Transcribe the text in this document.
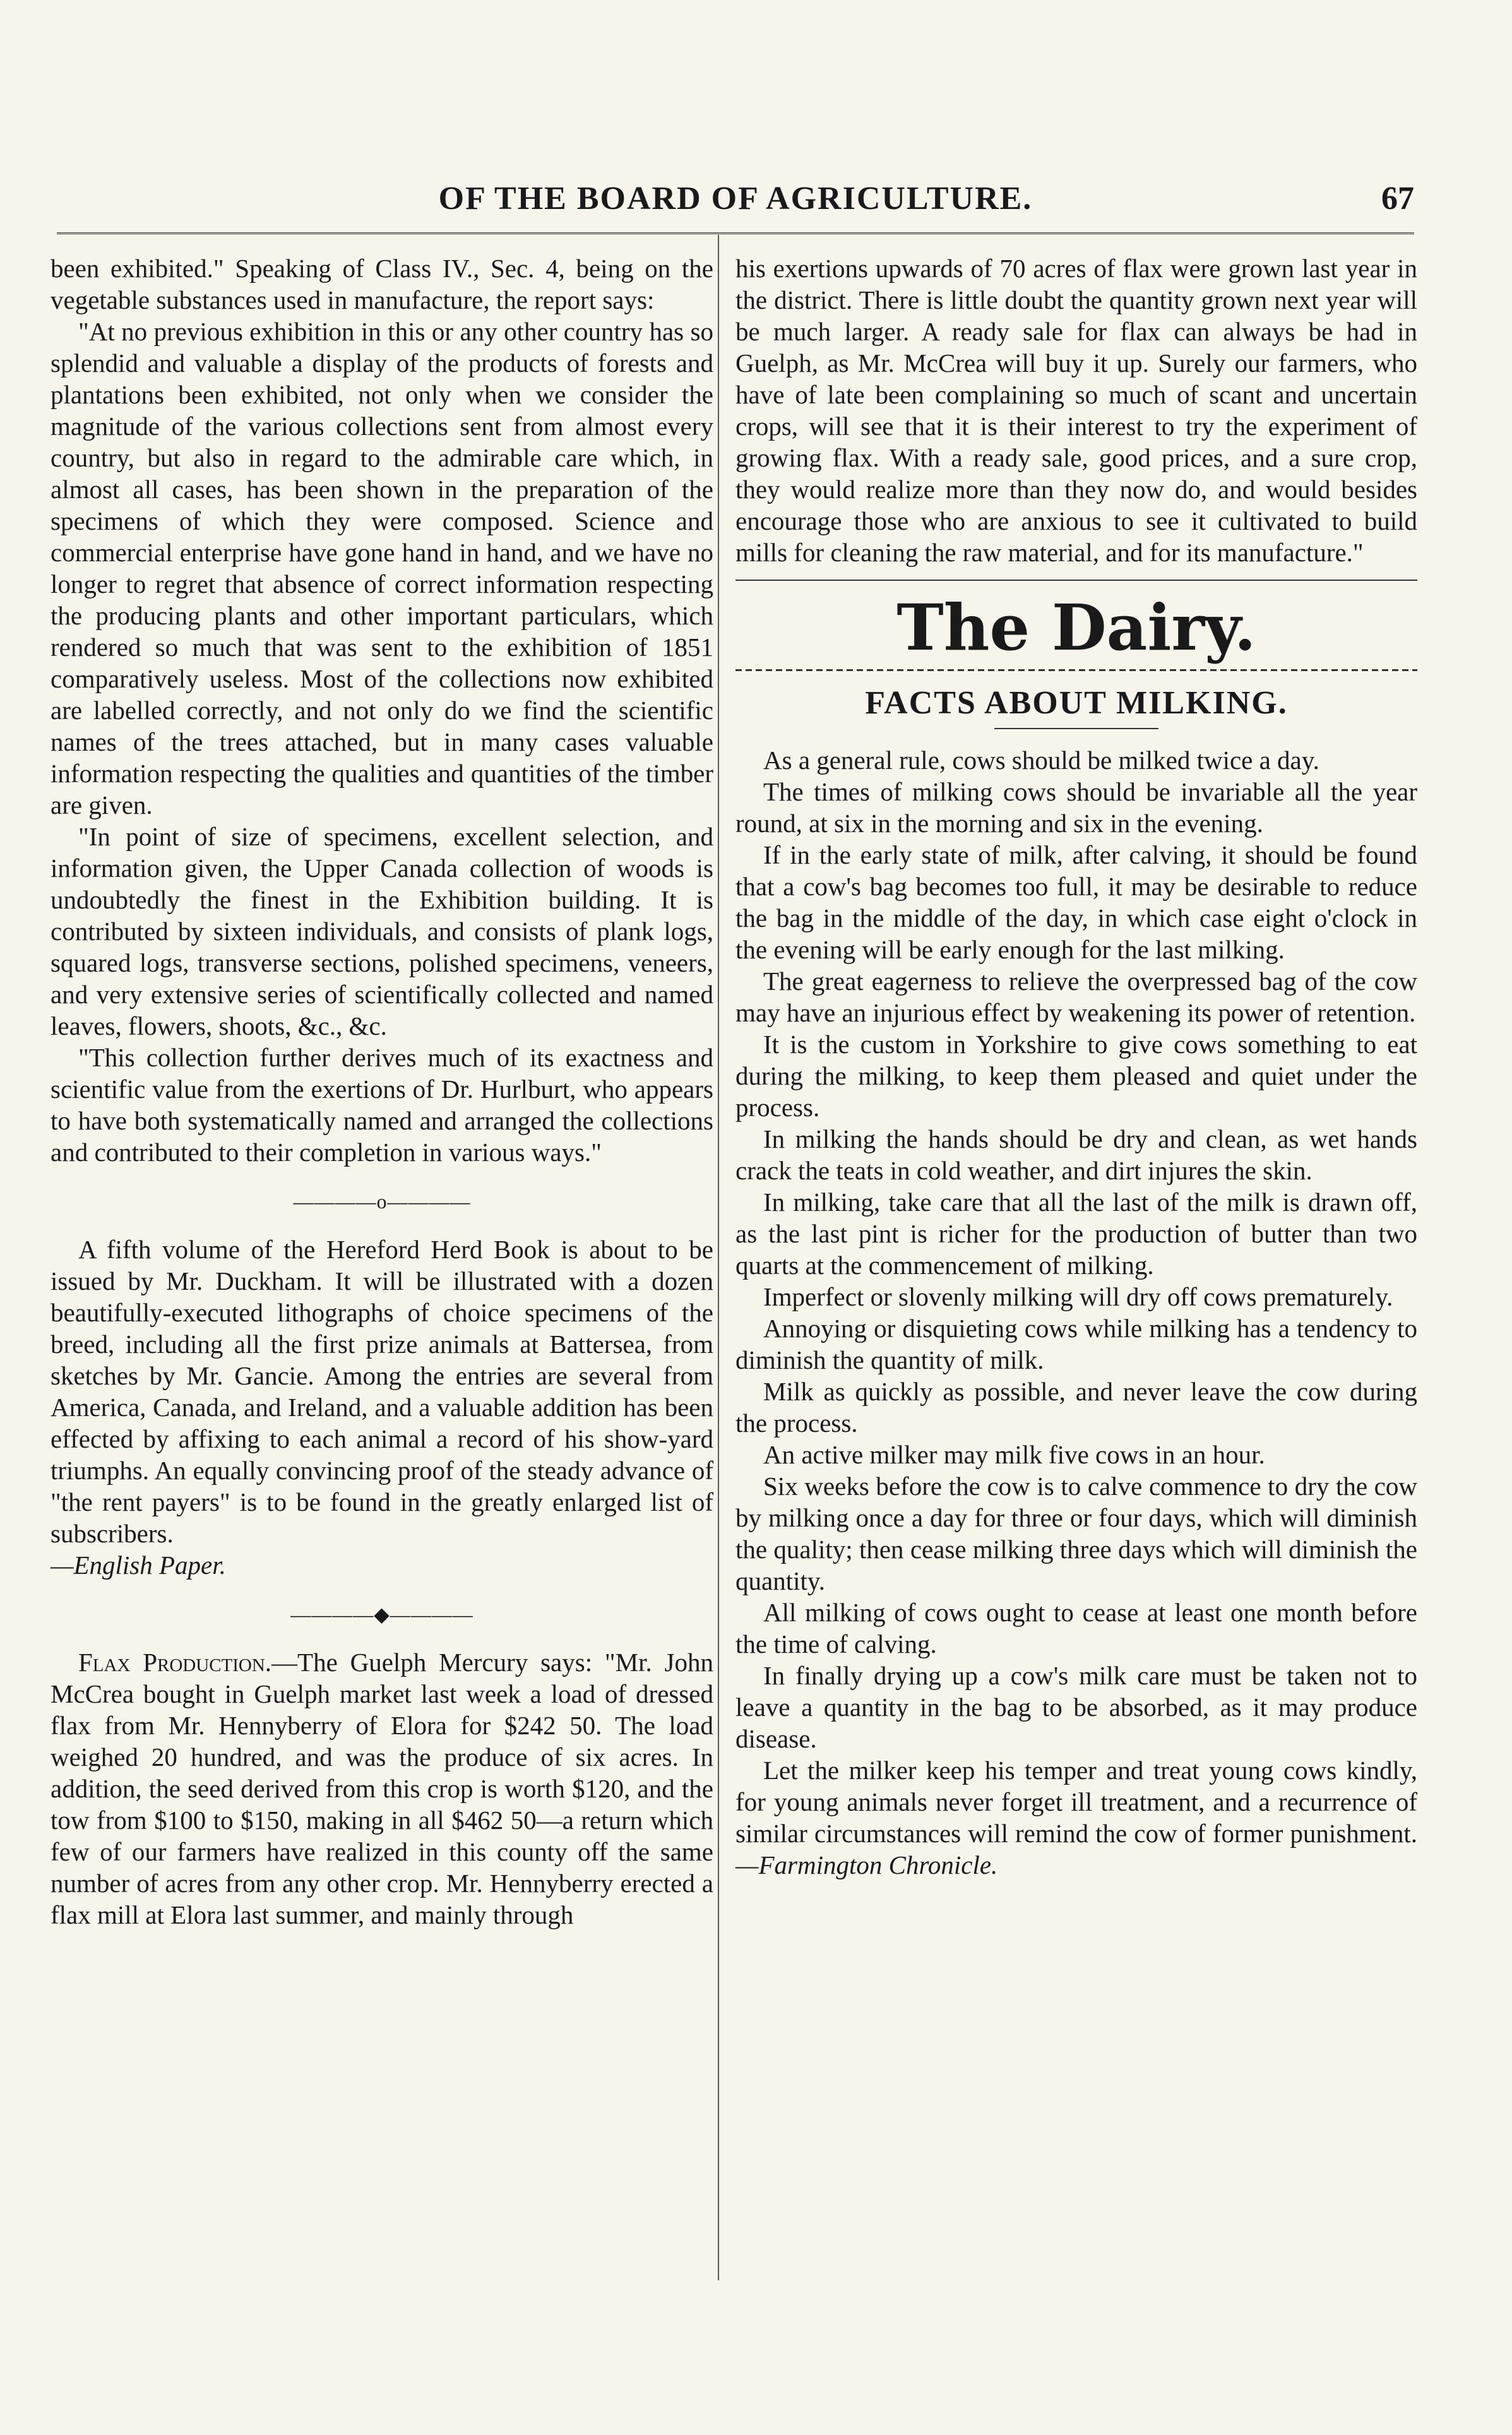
OF THE BOARD OF AGRICULTURE.	67

been exhibited." Speaking of Class IV., Sec. 4, being on the vegetable substances used in manufacture, the report says:

"At no previous exhibition in this or any other country has so splendid and valuable a display of the products of forests and plantations been exhibited, not only when we consider the magnitude of the various collections sent from almost every country, but also in regard to the admirable care which, in almost all cases, has been shown in the preparation of the specimens of which they were composed. Science and commercial enterprise have gone hand in hand, and we have no longer to regret that absence of correct information respecting the producing plants and other important particulars, which rendered so much that was sent to the exhibition of 1851 comparatively useless. Most of the collections now exhibited are labelled correctly, and not only do we find the scientific names of the trees attached, but in many cases valuable information respecting the qualities and quantities of the timber are given.

"In point of size of specimens, excellent selection, and information given, the Upper Canada collection of woods is undoubtedly the finest in the Exhibition building. It is contributed by sixteen individuals, and consists of plank logs, squared logs, transverse sections, polished specimens, veneers, and very extensive series of scientifically collected and named leaves, flowers, shoots, &c., &c.

"This collection further derives much of its exactness and scientific value from the exertions of Dr. Hurlburt, who appears to have both systematically named and arranged the collections and contributed to their completion in various ways."

————o————

A fifth volume of the Hereford Herd Book is about to be issued by Mr. Duckham. It will be illustrated with a dozen beautifully-executed lithographs of choice specimens of the breed, including all the first prize animals at Battersea, from sketches by Mr. Gancie. Among the entries are several from America, Canada, and Ireland, and a valuable addition has been effected by affixing to each animal a record of his show-yard triumphs. An equally convincing proof of the steady advance of "the rent payers" is to be found in the greatly enlarged list of subscribers.

—English Paper.

————◆————

Flax Production.—The Guelph Mercury says: "Mr. John McCrea bought in Guelph market last week a load of dressed flax from Mr. Hennyberry of Elora for $242 50. The load weighed 20 hundred, and was the produce of six acres. In addition, the seed derived from this crop is worth $120, and the tow from $100 to $150, making in all $462 50—a return which few of our farmers have realized in this county off the same number of acres from any other crop. Mr. Hennyberry erected a flax mill at Elora last summer, and mainly through

his exertions upwards of 70 acres of flax were grown last year in the district. There is little doubt the quantity grown next year will be much larger. A ready sale for flax can always be had in Guelph, as Mr. McCrea will buy it up. Surely our farmers, who have of late been complaining so much of scant and uncertain crops, will see that it is their interest to try the experiment of growing flax. With a ready sale, good prices, and a sure crop, they would realize more than they now do, and would besides encourage those who are anxious to see it cultivated to build mills for cleaning the raw material, and for its manufacture."

The Dairy.
FACTS ABOUT MILKING.

As a general rule, cows should be milked twice a day.

The times of milking cows should be invariable all the year round, at six in the morning and six in the evening.

If in the early state of milk, after calving, it should be found that a cow's bag becomes too full, it may be desirable to reduce the bag in the middle of the day, in which case eight o'clock in the evening will be early enough for the last milking.

The great eagerness to relieve the overpressed bag of the cow may have an injurious effect by weakening its power of retention.

It is the custom in Yorkshire to give cows something to eat during the milking, to keep them pleased and quiet under the process.

In milking the hands should be dry and clean, as wet hands crack the teats in cold weather, and dirt injures the skin.

In milking, take care that all the last of the milk is drawn off, as the last pint is richer for the production of butter than two quarts at the commencement of milking.

Imperfect or slovenly milking will dry off cows prematurely.

Annoying or disquieting cows while milking has a tendency to diminish the quantity of milk.

Milk as quickly as possible, and never leave the cow during the process.

An active milker may milk five cows in an hour.

Six weeks before the cow is to calve commence to dry the cow by milking once a day for three or four days, which will diminish the quality; then cease milking three days which will diminish the quantity.

All milking of cows ought to cease at least one month before the time of calving.

In finally drying up a cow's milk care must be taken not to leave a quantity in the bag to be absorbed, as it may produce disease.

Let the milker keep his temper and treat young cows kindly, for young animals never forget ill treatment, and a recurrence of similar circumstances will remind the cow of former punishment.—Farmington Chronicle.
